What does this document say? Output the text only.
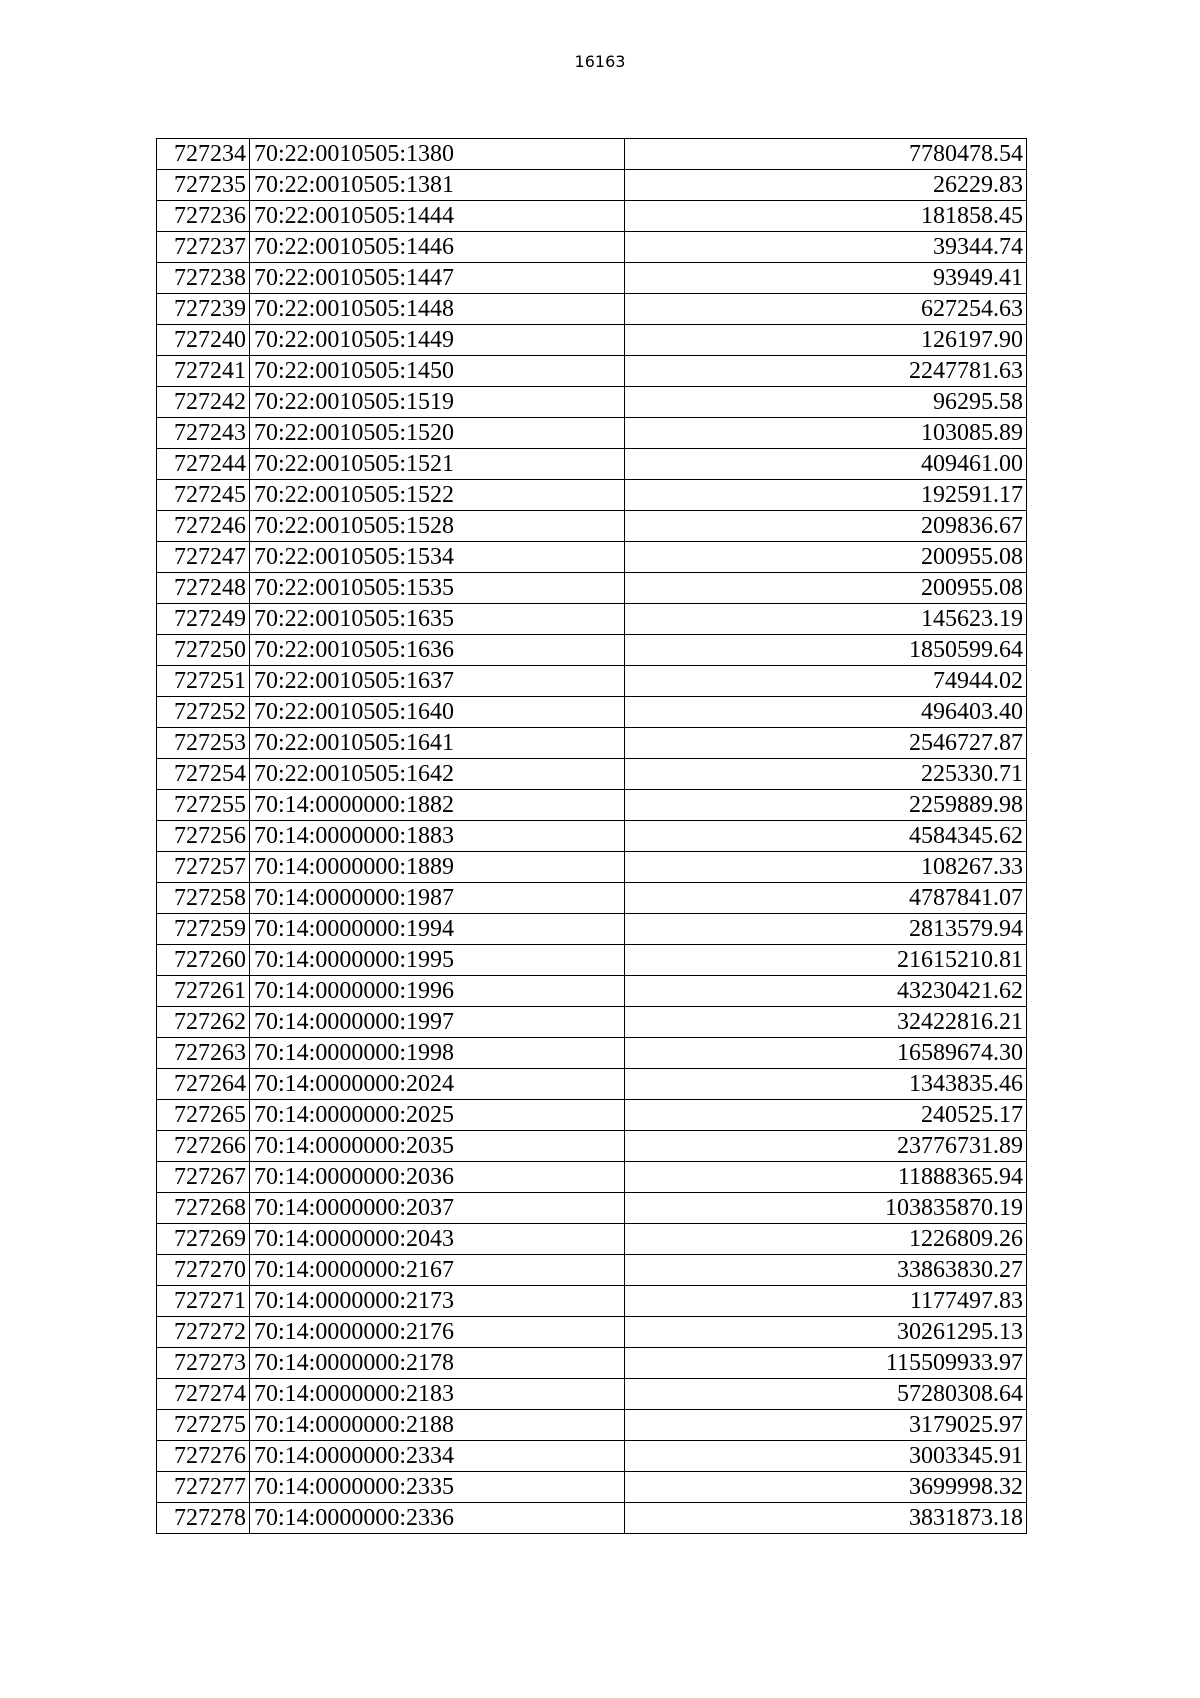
16163
727234	70:22:0010505:1380	7780478.54
727235	70:22:0010505:1381	26229.83
727236	70:22:0010505:1444	181858.45
727237	70:22:0010505:1446	39344.74
727238	70:22:0010505:1447	93949.41
727239	70:22:0010505:1448	627254.63
727240	70:22:0010505:1449	126197.90
727241	70:22:0010505:1450	2247781.63
727242	70:22:0010505:1519	96295.58
727243	70:22:0010505:1520	103085.89
727244	70:22:0010505:1521	409461.00
727245	70:22:0010505:1522	192591.17
727246	70:22:0010505:1528	209836.67
727247	70:22:0010505:1534	200955.08
727248	70:22:0010505:1535	200955.08
727249	70:22:0010505:1635	145623.19
727250	70:22:0010505:1636	1850599.64
727251	70:22:0010505:1637	74944.02
727252	70:22:0010505:1640	496403.40
727253	70:22:0010505:1641	2546727.87
727254	70:22:0010505:1642	225330.71
727255	70:14:0000000:1882	2259889.98
727256	70:14:0000000:1883	4584345.62
727257	70:14:0000000:1889	108267.33
727258	70:14:0000000:1987	4787841.07
727259	70:14:0000000:1994	2813579.94
727260	70:14:0000000:1995	21615210.81
727261	70:14:0000000:1996	43230421.62
727262	70:14:0000000:1997	32422816.21
727263	70:14:0000000:1998	16589674.30
727264	70:14:0000000:2024	1343835.46
727265	70:14:0000000:2025	240525.17
727266	70:14:0000000:2035	23776731.89
727267	70:14:0000000:2036	11888365.94
727268	70:14:0000000:2037	103835870.19
727269	70:14:0000000:2043	1226809.26
727270	70:14:0000000:2167	33863830.27
727271	70:14:0000000:2173	1177497.83
727272	70:14:0000000:2176	30261295.13
727273	70:14:0000000:2178	115509933.97
727274	70:14:0000000:2183	57280308.64
727275	70:14:0000000:2188	3179025.97
727276	70:14:0000000:2334	3003345.91
727277	70:14:0000000:2335	3699998.32
727278	70:14:0000000:2336	3831873.18
